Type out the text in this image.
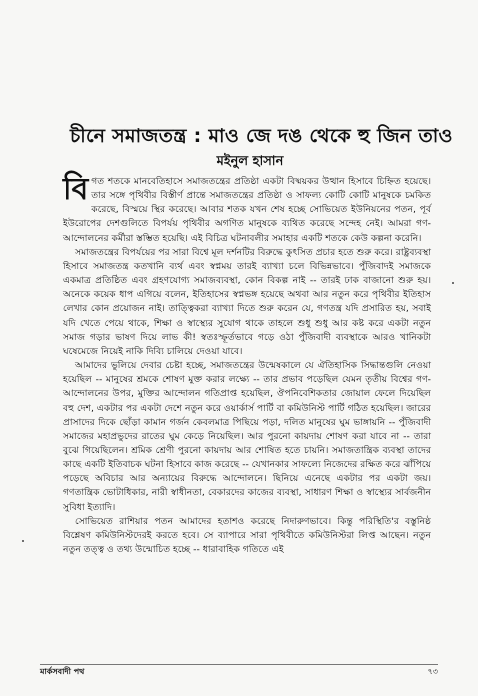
চীনে সমাজতন্ত্র : মাও জে দঙ থেকে হু জিন তাও
মইনুল হাসান

বিগত শতকে মানবেতিহাসে সমাজতন্ত্রের প্রতিষ্ঠা একটা বিষ্ময়কর উত্থান হিসাবে চিহ্নিত হয়েছে। তার সঙ্গে পৃথিবীর বিস্তীর্ণ প্রান্তে সমাজতন্ত্রের প্রতিষ্ঠা ও সাফল্য কোটি কোটি মানুষকে চমকিত করেছে, বিস্ময়ে স্থির করেছে। আবার শতক যখন শেষ হচ্ছে সোভিয়েত ইউনিয়নের পতন, পূর্ব ইউরোপের দেশগুলিতে বিপর্যয় পৃথিবীর অগণিত মানুষকে ব্যথিত করেছে সন্দেহ নেই। আমরা গণ-আন্দোলনের কর্মীরা স্তম্ভিত হয়েছি। এই বিচিত্র ঘটনাবলীর সমাহার একটি শতকে কেউ কল্পনা করেনি।

সমাজতন্ত্রের বিপর্যয়ের পর সারা বিশ্বে মূল দর্শনটির বিরুদ্ধে কুৎসিত প্রচার হতে শুরু করে। রাষ্ট্রব্যবস্থা হিসাবে সমাজতন্ত্র কতখানি ব্যর্থ এবং স্বপ্নময় তারই ব্যাখ্যা চলে বিভিন্নভাবে। পুঁজিবাদই সমাজকে একমাত্র প্রতিষ্ঠিত এবং গ্রহণযোগ্য সমাজব্যবস্থা, কোন বিকল্প নাই -- তারই ঢাক বাজানো শুরু হয়। অনেকে কয়েক ধাপ এগিয়ে বলেন, ইতিহাসের স্বপ্নভঙ্গ হয়েছে অথবা আর নতুন করে পৃথিবীর ইতিহাস লেখার কোন প্রয়োজন নাই। তাত্ত্বিকরা ব্যাখ্যা দিতে শুরু করেন যে, গণতন্ত্র যদি প্রসারিত হয়, সবাই যদি খেতে পেয়ে থাকে, শিক্ষা ও স্বাস্থ্যের সুযোগ থাকে তাহলে শুধু শুধু আর কষ্ট করে একটা নতুন সমাজ গড়ার ভাষণ দিয়ে লাভ কী! স্বতঃস্ফূর্তভাবে গড়ে ওঠা পুঁজিবাদী ব্যবস্থাকে আরও খানিকটা ঘষেমেজে নিয়েই নাকি দিব্যি চালিয়ে দেওয়া যাবে।

আমাদের ভুলিয়ে দেবার চেষ্টা হচ্ছে, সমাজতন্ত্রের উন্মেষকালে যে ঐতিহাসিক সিদ্ধান্তগুলি নেওয়া হয়েছিল -- মানুষের শ্রমকে শোষণ মুক্ত করার লক্ষ্যে -- তার প্রভাব পড়েছিল যেমন তৃতীয় বিশ্বের গণ-আন্দোলনের উপর, মুক্তির আন্দোলন গতিপ্রাপ্ত হয়েছিল, ঔপনিবেশিকতার জোয়াল ফেলে দিয়েছিল বহু দেশ, একটার পর একটা দেশে নতুন করে ওয়ার্কার্স পার্টি বা কমিউনিস্ট পার্টি গঠিত হয়েছিল। জারের প্রাসাদের দিকে ছোঁড়া কামান গর্জন কেবলমাত্র পিছিয়ে পড়া, দলিত মানুষের ঘুম ভাঙ্গায়নি -- পুঁজিবাদী সমাজের মহাপ্রভুদের রাতের ঘুম কেড়ে নিয়েছিল। আর পুরনো কায়দায় শোষণ করা যাবে না -- তারা বুঝে গিয়েছিলেন। শ্রমিক শ্রেণী পুরনো কায়দায় আর শোষিত হতে চায়নি। সমাজতান্ত্রিক ব্যবস্থা তাদের কাছে একটি ইতিবাচক ঘটনা হিসাবে কাজ করেছে -- যেখানকার সাফল্যে নিজেদের রক্ষিত করে ঝাঁপিয়ে পড়েছে অবিচার আর অন্যায়ের বিরুদ্ধে আন্দোলনে। ছিনিয়ে এনেছে একটার পর একটা জয়। গণতান্ত্রিক ভোটাধিকার, নারী স্বাধীনতা, বেকারদের কাজের ব্যবস্থা, সাধারণ শিক্ষা ও স্বাস্থ্যের সার্বজনীন সুবিধা ইত্যাদি।

সোভিয়েত রাশিয়ার পতন আমাদের হতাশও করেছে নিদারুণভাবে। কিন্তু পরিস্থিতি'র বস্তুনিষ্ঠ বিশ্লেষণ কমিউনিস্টদেরই করতে হবে। সে ব্যাপারে সারা পৃথিবীতে কমিউনিস্টরা লিপ্ত আছেন। নতুন নতুন তত্ত্ব ও তথ্য উন্মোচিত হচ্ছে -- ধারাবাহিক গতিতে এই

মার্কসবাদী পথ	৭৩
